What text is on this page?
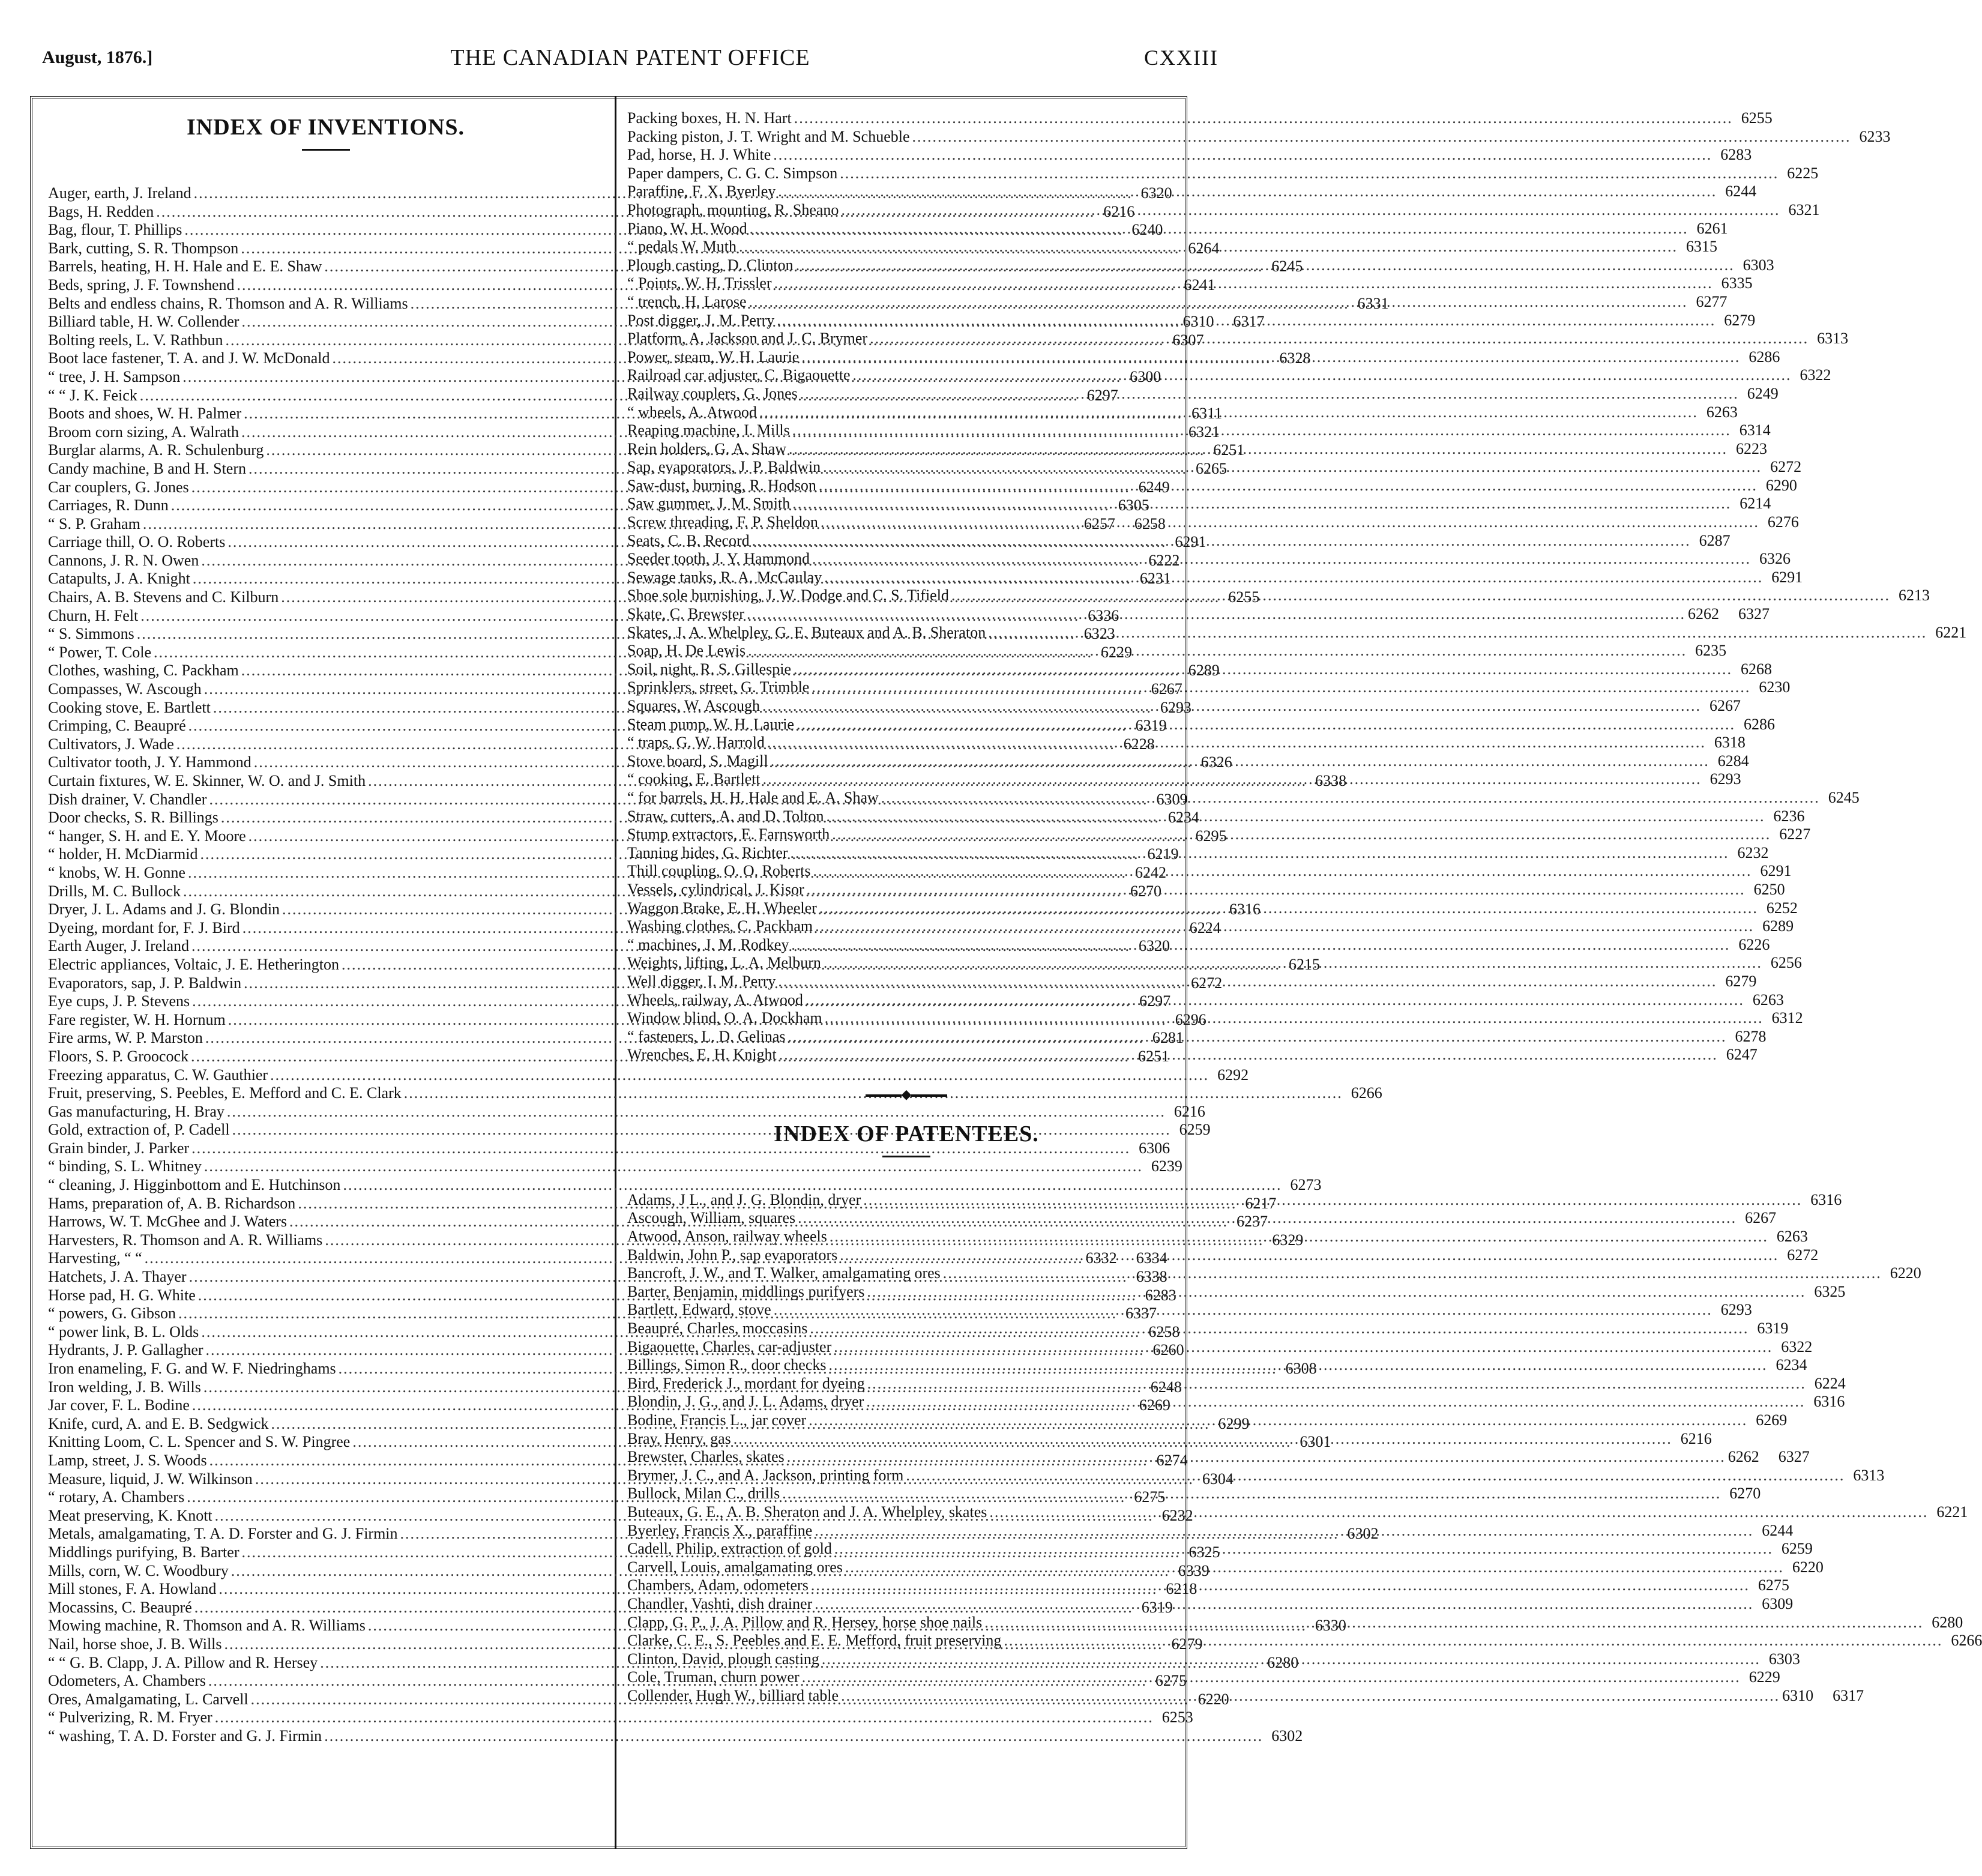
August, 1876.]	THE CANADIAN PATENT OFFICE	CXXIII
INDEX OF INVENTIONS.
Auger, earth, J. Ireland .....	6320
Bags, H. Redden .....	6216
Bag, flour, T. Phillips .....	6240
Bark, cutting, S. R. Thompson .....	6264
Barrels, heating, H. H. Hale and E. E. Shaw .....	6245
Beds, spring, J. F. Townshend .....	6241
Belts and endless chains, R. Thomson and A. R. Williams .....	6331
Billiard table, H. W. Collender .....	6310	6317
Bolting reels, L. V. Rathbun .....	6307
Boot lace fastener, T. A. and J. W. McDonald .....	6328
“ tree, J. H. Sampson .....	6300
“ “ J. K. Feick .....	6297
Boots and shoes, W. H. Palmer .....	6311
Broom corn sizing, A. Walrath .....	6321
Burglar alarms, A. R. Schulenburg .....	6251
Candy machine, B and H. Stern .....	6265
Car couplers, G. Jones .....	6249
Carriages, R. Dunn .....	6305
“ S. P. Graham .....	6257	6258
Carriage thill, O. O. Roberts .....	6291
Cannons, J. R. N. Owen .....	6222
Catapults, J. A. Knight .....	6231
Chairs, A. B. Stevens and C. Kilburn .....	6255
Churn, H. Felt .....	6336
“ S. Simmons .....	6323
“ Power, T. Cole .....	6229
Clothes, washing, C. Packham .....	6289
Compasses, W. Ascough .....	6267
Cooking stove, E. Bartlett .....	6293
Crimping, C. Beaupré .....	6319
Cultivators, J. Wade .....	6228
Cultivator tooth, J. Y. Hammond .....	6326
Curtain fixtures, W. E. Skinner, W. O. and J. Smith .....	6338
Dish drainer, V. Chandler .....	6309
Door checks, S. R. Billings .....	6234
“ hanger, S. H. and E. Y. Moore .....	6295
“ holder, H. McDiarmid .....	6219
“ knobs, W. H. Gonne .....	6242
Drills, M. C. Bullock .....	6270
Dryer, J. L. Adams and J. G. Blondin .....	6316
Dyeing, mordant for, F. J. Bird .....	6224
Earth Auger, J. Ireland .....	6320
Electric appliances, Voltaic, J. E. Hetherington .....	6215
Evaporators, sap, J. P. Baldwin .....	6272
Eye cups, J. P. Stevens .....	6297
Fare register, W. H. Hornum .....	6296
Fire arms, W. P. Marston .....	6281
Floors, S. P. Groocock .....	6251
Freezing apparatus, C. W. Gauthier .....	6292
Fruit, preserving, S. Peebles, E. Mefford and C. E. Clark .....	6266
Gas manufacturing, H. Bray .....	6216
Gold, extraction of, P. Cadell .....	6259
Grain binder, J. Parker .....	6306
“ binding, S. L. Whitney .....	6239
“ cleaning, J. Higginbottom and E. Hutchinson .....	6273
Hams, preparation of, A. B. Richardson .....	6217
Harrows, W. T. McGhee and J. Waters .....	6237
Harvesters, R. Thomson and A. R. Williams .....	6329
Harvesting, “ “ .....	6332	6334
Hatchets, J. A. Thayer .....	6338
Horse pad, H. G. White .....	6283
“ powers, G. Gibson .....	6337
“ power link, B. L. Olds .....	6258
Hydrants, J. P. Gallagher .....	6260
Iron enameling, F. G. and W. F. Niedringhams .....	6308
Iron welding, J. B. Wills .....	6248
Jar cover, F. L. Bodine .....	6269
Knife, curd, A. and E. B. Sedgwick .....	6299
Knitting Loom, C. L. Spencer and S. W. Pingree .....	6301
Lamp, street, J. S. Woods .....	6274
Measure, liquid, J. W. Wilkinson .....	6304
“ rotary, A. Chambers .....	6275
Meat preserving, K. Knott .....	6232
Metals, amalgamating, T. A. D. Forster and G. J. Firmin .....	6302
Middlings purifying, B. Barter .....	6325
Mills, corn, W. C. Woodbury .....	6339
Mill stones, F. A. Howland .....	6218
Mocassins, C. Beaupré .....	6319
Mowing machine, R. Thomson and A. R. Williams .....	6330
Nail, horse shoe, J. B. Wills .....	6279
“ “ G. B. Clapp, J. A. Pillow and R. Hersey .....	6280
Odometers, A. Chambers .....	6275
Ores, Amalgamating, L. Carvell .....	6220
“ Pulverizing, R. M. Fryer .....	6253
“ washing, T. A. D. Forster and G. J. Firmin .....	6302
Packing boxes, H. N. Hart .....	6255
Packing piston, J. T. Wright and M. Schueble .....	6233
Pad, horse, H. J. White .....	6283
Paper dampers, C. G. C. Simpson .....	6225
Paraffine, F. X. Byerley .....	6244
Photograph, mounting, R. Sheano .....	6321
Piano, W. H. Wood .....	6261
“ pedals W. Muth .....	6315
Plough casting, D. Clinton .....	6303
“ Points, W. H. Trissler .....	6335
“ trench, H. Larose .....	6277
Post digger, J. M. Perry .....	6279
Platform, A. Jackson and J. C. Brymer .....	6313
Power, steam, W. H. Laurie .....	6286
Railroad car adjuster, C. Bigaouette .....	6322
Railway couplers, G. Jones .....	6249
“ wheels, A. Atwood .....	6263
Reaping machine, I. Mills .....	6314
Rein holders, G. A. Shaw .....	6223
Sap, evaporators, J. P. Baldwin .....	6272
Saw-dust, burning, R. Hodson .....	6290
Saw gummer, J. M. Smith .....	6214
Screw threading, F. P. Sheldon .....	6276
Seats, C. B. Record .....	6287
Seeder tooth, J. Y. Hammond .....	6326
Sewage tanks, R. A. McCaulay .....	6291
Shoe sole burnishing, J. W. Dodge and C. S. Tifield .....	6213
Skate, C. Brewster .....	6262	6327
Skates, J. A. Whelpley, G. E. Buteaux and A. B. Sheraton .....	6221
Soap, H. De Lewis .....	6235
Soil, night, R. S. Gillespie .....	6268
Sprinklers, street, G. Trimble .....	6230
Squares, W. Ascough .....	6267
Steam pump, W. H. Laurie .....	6286
“ traps, G. W. Harrold .....	6318
Stove board, S. Magill .....	6284
“ cooking, E. Bartlett .....	6293
“ for barrels, H. H. Hale and E. A. Shaw .....	6245
Straw, cutters, A. and D. Tolton .....	6236
Stump extractors, E. Farnsworth .....	6227
Tanning hides, G. Richter .....	6232
Thill coupling, O. O. Roberts .....	6291
Vessels, cylindrical, J. Kisor .....	6250
Waggon Brake, E. H. Wheeler .....	6252
Washing clothes, C. Packham .....	6289
“ machines, J. M. Rodkey .....	6226
Weights, lifting, L. A. Melburn .....	6256
Well digger, I. M. Perry .....	6279
Wheels, railway, A. Atwood .....	6263
Window blind, O. A. Dockham .....	6312
“ fasteners, L. D. Gelinas .....	6278
Wrenches, E. H. Knight .....	6247
◆
INDEX OF PATENTEES.
Adams, J L., and J. G. Blondin, dryer .....	6316
Ascough, William, squares .....	6267
Atwood, Anson, railway wheels .....	6263
Baldwin, John P., sap evaporators .....	6272
Bancroft, J. W., and T. Walker, amalgamating ores .....	6220
Barter, Benjamin, middlings purifyers .....	6325
Bartlett, Edward, stove .....	6293
Beaupré, Charles, moccasins .....	6319
Bigaouette, Charles, car-adjuster .....	6322
Billings, Simon R., door checks .....	6234
Bird, Frederick J., mordant for dyeing .....	6224
Blondin, J. G., and J. L. Adams, dryer .....	6316
Bodine, Francis L., jar cover .....	6269
Bray, Henry, gas .....	6216
Brewster, Charles, skates .....	6262	6327
Brymer, J. C., and A. Jackson, printing form .....	6313
Bullock, Milan C., drills .....	6270
Buteaux, G. E., A. B. Sheraton and J. A. Whelpley, skates .....	6221
Byerley, Francis X., paraffine .....	6244
Cadell, Philip, extraction of gold .....	6259
Carvell, Louis, amalgamating ores .....	6220
Chambers, Adam, odometers .....	6275
Chandler, Vashti, dish drainer .....	6309
Clapp, G. P., J. A. Pillow and R. Hersey, horse shoe nails .....	6280
Clarke, C. E., S. Peebles and E. E. Mefford, fruit preserving .....	6266
Clinton, David, plough casting .....	6303
Cole, Truman, churn power .....	6229
Collender, Hugh W., billiard table .....	6310	6317
